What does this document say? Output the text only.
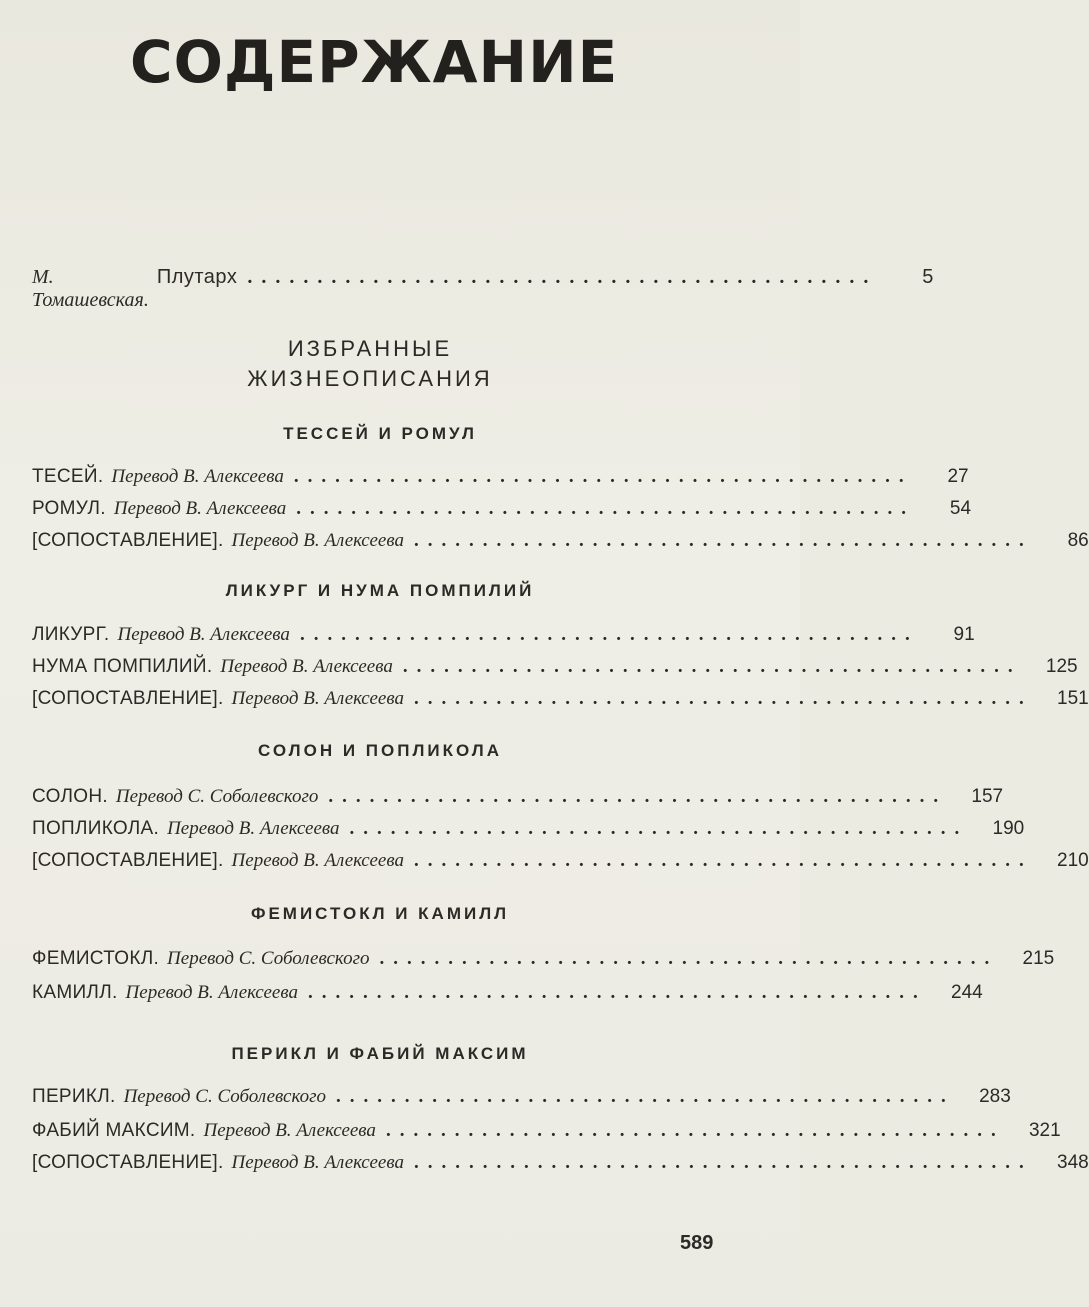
СОДЕРЖАНИЕ
М. Томашевская.
Плутарх .............................................	5
ИЗБРАННЫЕ
ЖИЗНЕОПИСАНИЯ
ТЕССЕЙ И РОМУЛ
ТЕСЕЙ. Перевод В. Алексеева .............................................	27
РОМУЛ. Перевод В. Алексеева .............................................	54
[СОПОСТАВЛЕНИЕ]. Перевод В. Алексеева .............................................	86
ЛИКУРГ И НУМА ПОМПИЛИЙ
ЛИКУРГ. Перевод В. Алексеева .............................................	91
НУМА ПОМПИЛИЙ. Перевод В. Алексеева .............................................	125
[СОПОСТАВЛЕНИЕ]. Перевод В. Алексеева .............................................	151
СОЛОН И ПОПЛИКОЛА
СОЛОН. Перевод С. Соболевского .............................................	157
ПОПЛИКОЛА. Перевод В. Алексеева .............................................	190
[СОПОСТАВЛЕНИЕ]. Перевод В. Алексеева .............................................	210
ФЕМИСТОКЛ И КАМИЛЛ
ФЕМИСТОКЛ. Перевод С. Соболевского .............................................	215
КАМИЛЛ. Перевод В. Алексеева .............................................	244
ПЕРИКЛ И ФАБИЙ МАКСИМ
ПЕРИКЛ. Перевод С. Соболевского .............................................	283
ФАБИЙ МАКСИМ. Перевод В. Алексеева .............................................	321
[СОПОСТАВЛЕНИЕ]. Перевод В. Алексеева .............................................	348
589
